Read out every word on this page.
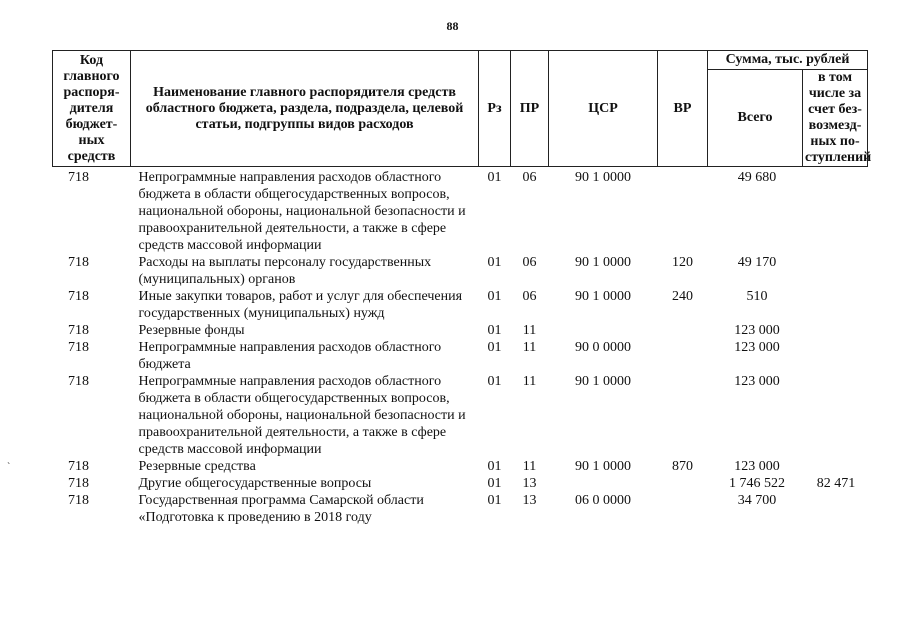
88
`
Код главного распоря-дителя бюджет-ных средств	Наименование главного распорядителя средств областного бюджета, раздела, подраздела, целевой статьи, подгруппы видов расходов	Рз	ПР	ЦСР	ВР	Сумма, тыс. рублей	
						Всего	в том числе за счет без-возмезд-ных по-ступлений
718	Непрограммные направления расходов областного бюджета в области общегосударственных вопросов, национальной обороны, национальной безопасности и правоохранительной деятельности, а также в сфере средств массовой информации	01	06	90 1 0000		49 680	
718	Расходы на выплаты персоналу государственных (муниципальных) органов	01	06	90 1 0000	120	49 170	
718	Иные закупки товаров, работ и услуг для обеспечения государственных (муниципальных) нужд	01	06	90 1 0000	240	510	
718	Резервные фонды	01	11			123 000	
718	Непрограммные направления расходов областного бюджета	01	11	90 0 0000		123 000	
718	Непрограммные направления расходов областного бюджета в области общегосударственных вопросов, национальной обороны, национальной безопасности и правоохранительной деятельности, а также в сфере средств массовой информации	01	11	90 1 0000		123 000	
718	Резервные средства	01	11	90 1 0000	870	123 000	
718	Другие общегосударственные вопросы	01	13			1 746 522	82 471
718	Государственная программа Самарской области «Подготовка к проведению в 2018 году	01	13	06 0 0000		34 700	
